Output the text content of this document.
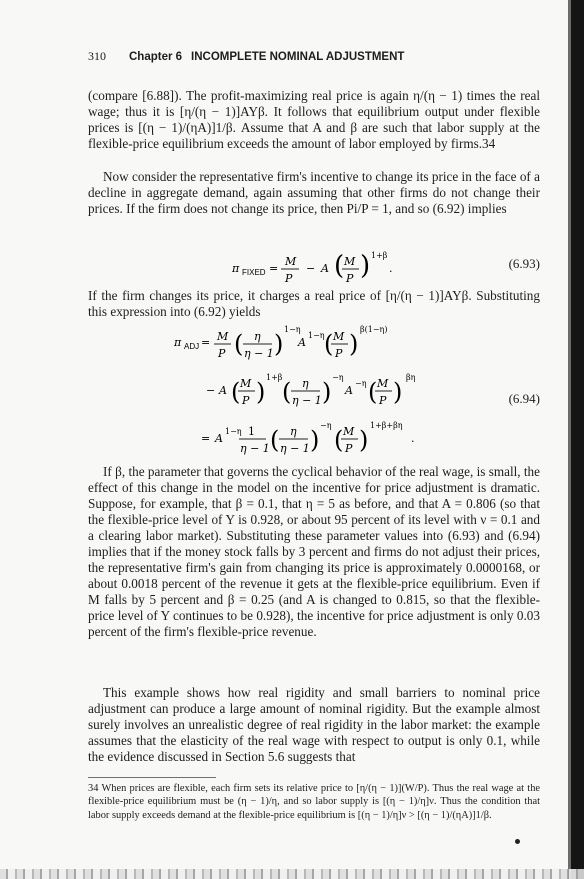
310 Chapter 6 INCOMPLETE NOMINAL ADJUSTMENT

(compare [6.88]). The profit-maximizing real price is again η/(η − 1) times the real wage; thus it is [η/(η − 1)]AYβ. It follows that equilibrium output under flexible prices is [(η − 1)/(ηA)]1/β. Assume that A and β are such that labor supply at the flexible-price equilibrium exceeds the amount of labor employed by firms.34

Now consider the representative firm's incentive to change its price in the face of a decline in aggregate demand, again assuming that other firms do not change their prices. If the firm does not change its price, then Pi/P = 1, and so (6.92) implies

π FIXED =
M
P
− A ( M
P ) 1+β
.	(6.93)

If the firm changes its price, it charges a real price of [η/(η − 1)]AYβ. Substituting this expression into (6.92) yields

π ADJ = M
P ( η
η − 1 )
1−η
A
1−η ( M
P )
β(1−η)
− A ( M
P )
1+β
( η
η − 1 )
−η
A
−η ( M
P )
βη
= A
1−η 1
η − 1 ( η
η − 1 )
−η
( M
P )
1+β+βη
.
(6.94)

If β, the parameter that governs the cyclical behavior of the real wage, is small, the effect of this change in the model on the incentive for price adjustment is dramatic. Suppose, for example, that β = 0.1, that η = 5 as before, and that A = 0.806 (so that the flexible-price level of Y is 0.928, or about 95 percent of its level with ν = 0.1 and a clearing labor market). Substituting these parameter values into (6.93) and (6.94) implies that if the money stock falls by 3 percent and firms do not adjust their prices, the representative firm's gain from changing its price is approximately 0.0000168, or about 0.0018 percent of the revenue it gets at the flexible-price equilibrium. Even if M falls by 5 percent and β = 0.25 (and A is changed to 0.815, so that the flexible-price level of Y continues to be 0.928), the incentive for price adjustment is only 0.03 percent of the firm's flexible-price revenue.

This example shows how real rigidity and small barriers to nominal price adjustment can produce a large amount of nominal rigidity. But the example almost surely involves an unrealistic degree of real rigidity in the labor market: the example assumes that the elasticity of the real wage with respect to output is only 0.1, while the evidence discussed in Section 5.6 suggests that

34 When prices are flexible, each firm sets its relative price to [η/(η − 1)](W/P). Thus the real wage at the flexible-price equilibrium must be (η − 1)/η, and so labor supply is [(η − 1)/η]ν. Thus the condition that labor supply exceeds demand at the flexible-price equilibrium is [(η − 1)/η]ν > [(η − 1)/(ηA)]1/β.
